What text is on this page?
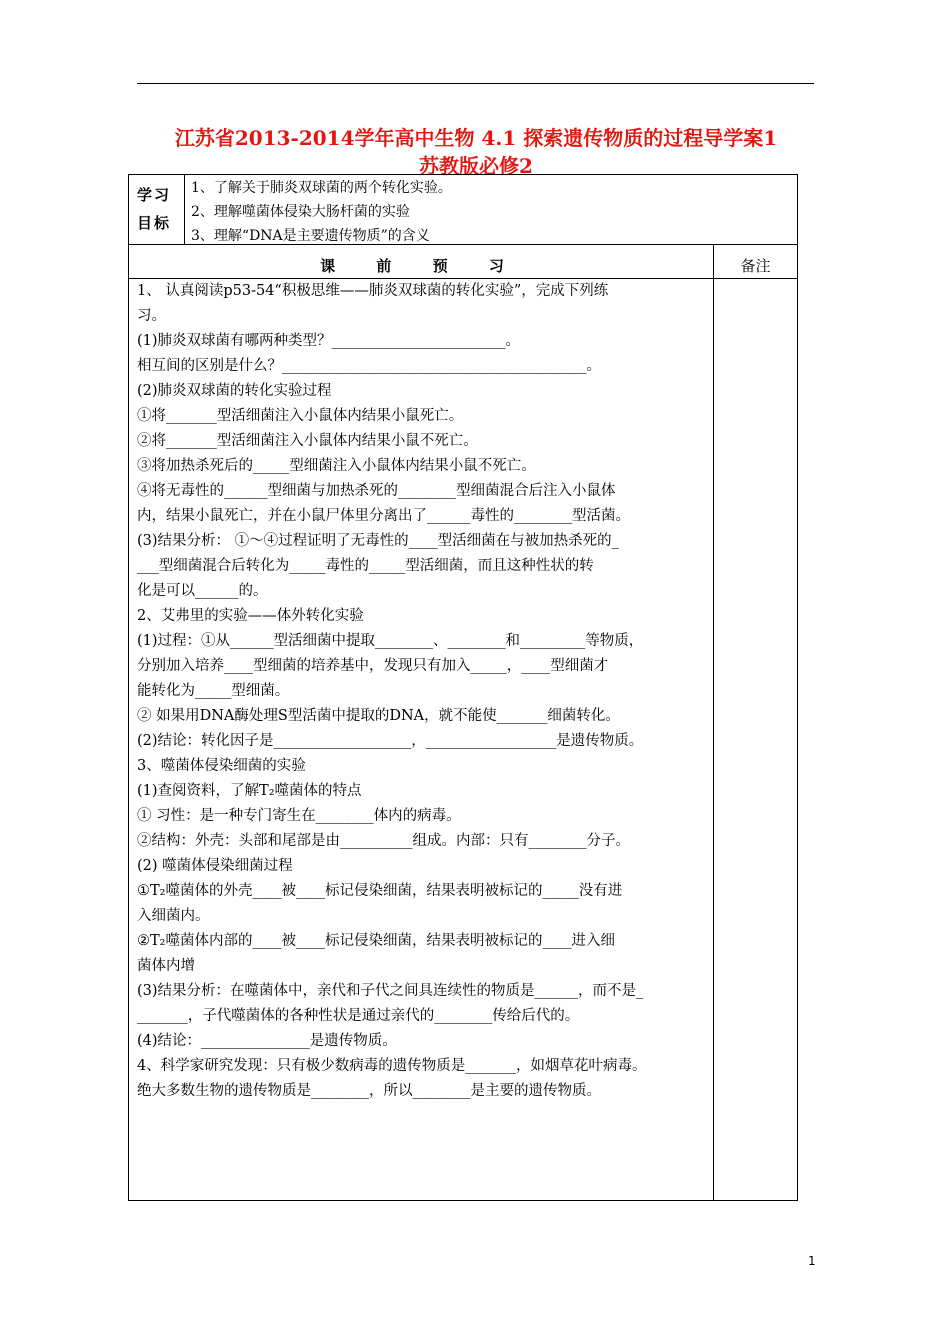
江苏省2013-2014学年高中生物 4.1 探索遗传物质的过程导学案1
苏教版必修2
学习目标
1、了解关于肺炎双球菌的两个转化实验。
2、理解噬菌体侵染大肠杆菌的实验
3、理解“DNA是主要遗传物质”的含义
课 前 预 习	备注
1、 认真阅读p53-54“积极思维——肺炎双球菌的转化实验”，完成下列练
习。
(1)肺炎双球菌有哪两种类型？________________________。
相互间的区别是什么？__________________________________________。
(2)肺炎双球菌的转化实验过程
①将_______型活细菌注入小鼠体内结果小鼠死亡。
②将_______型活细菌注入小鼠体内结果小鼠不死亡。
③将加热杀死后的_____型细菌注入小鼠体内结果小鼠不死亡。
④将无毒性的______型细菌与加热杀死的________型细菌混合后注入小鼠体
内，结果小鼠死亡，并在小鼠尸体里分离出了______毒性的________型活菌。
(3)结果分析： ①～④过程证明了无毒性的____型活细菌在与被加热杀死的_
___型细菌混合后转化为_____毒性的_____型活细菌，而且这种性状的转
化是可以______的。
2、艾弗里的实验——体外转化实验
(1)过程：①从______型活细菌中提取________、________和_________等物质，
分别加入培养____型细菌的培养基中，发现只有加入_____，____型细菌才
能转化为_____型细菌。
② 如果用DNA酶处理S型活菌中提取的DNA，就不能使_______细菌转化。
(2)结论：转化因子是___________________，__________________是遗传物质。
3、噬菌体侵染细菌的实验
(1)查阅资料，了解T₂噬菌体的特点
① 习性：是一种专门寄生在________体内的病毒。
②结构：外壳：头部和尾部是由__________组成。内部：只有________分子。
(2) 噬菌体侵染细菌过程
①T₂噬菌体的外壳____被____标记侵染细菌，结果表明被标记的_____没有进
入细菌内。
②T₂噬菌体内部的____被____标记侵染细菌，结果表明被标记的____进入细
菌体内增
(3)结果分析：在噬菌体中，亲代和子代之间具连续性的物质是______，而不是_
_______，子代噬菌体的各种性状是通过亲代的________传给后代的。
(4)结论：_______________是遗传物质。
4、科学家研究发现：只有极少数病毒的遗传物质是_______，如烟草花叶病毒。
绝大多数生物的遗传物质是________，所以________是主要的遗传物质。
1
